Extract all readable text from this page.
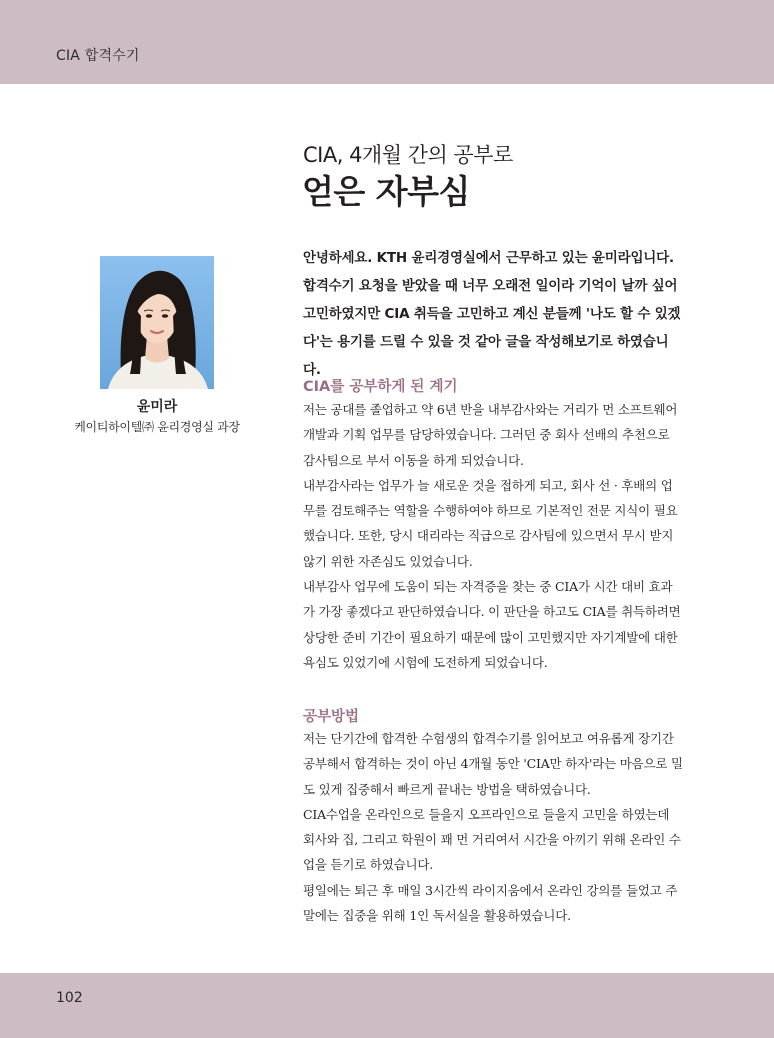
CIA 합격수기
CIA, 4개월 간의 공부로
얻은 자부심
안녕하세요. KTH 윤리경영실에서 근무하고 있는 윤미라입니다. 합격수기 요청을 받았을 때 너무 오래전 일이라 기억이 날까 싶어 고민하였지만 CIA 취득을 고민하고 계신 분들께 '나도 할 수 있겠다'는 용기를 드릴 수 있을 것 같아 글을 작성해보기로 하였습니다.
윤미라
케이티하이텔㈜ 윤리경영실 과장
CIA를 공부하게 된 계기

저는 공대를 졸업하고 약 6년 반을 내부감사와는 거리가 먼 소프트웨어 개발과 기획 업무를 담당하였습니다. 그러던 중 회사 선배의 추천으로 감사팀으로 부서 이동을 하게 되었습니다.

내부감사라는 업무가 늘 새로운 것을 접하게 되고, 회사 선 · 후배의 업무를 검토해주는 역할을 수행하여야 하므로 기본적인 전문 지식이 필요했습니다. 또한, 당시 대리라는 직급으로 감사팀에 있으면서 무시 받지 않기 위한 자존심도 있었습니다.

내부감사 업무에 도움이 되는 자격증을 찾는 중 CIA가 시간 대비 효과가 가장 좋겠다고 판단하였습니다. 이 판단을 하고도 CIA를 취득하려면 상당한 준비 기간이 필요하기 때문에 많이 고민했지만 자기계발에 대한 욕심도 있었기에 시험에 도전하게 되었습니다.

공부방법

저는 단기간에 합격한 수험생의 합격수기를 읽어보고 여유롭게 장기간 공부해서 합격하는 것이 아닌 4개월 동안 'CIA만 하자'라는 마음으로 밀도 있게 집중해서 빠르게 끝내는 방법을 택하였습니다.

CIA수업을 온라인으로 들을지 오프라인으로 들을지 고민을 하였는데 회사와 집, 그리고 학원이 꽤 먼 거리여서 시간을 아끼기 위해 온라인 수업을 듣기로 하였습니다.

평일에는 퇴근 후 매일 3시간씩 라이지움에서 온라인 강의를 들었고 주말에는 집중을 위해 1인 독서실을 활용하였습니다.

102
